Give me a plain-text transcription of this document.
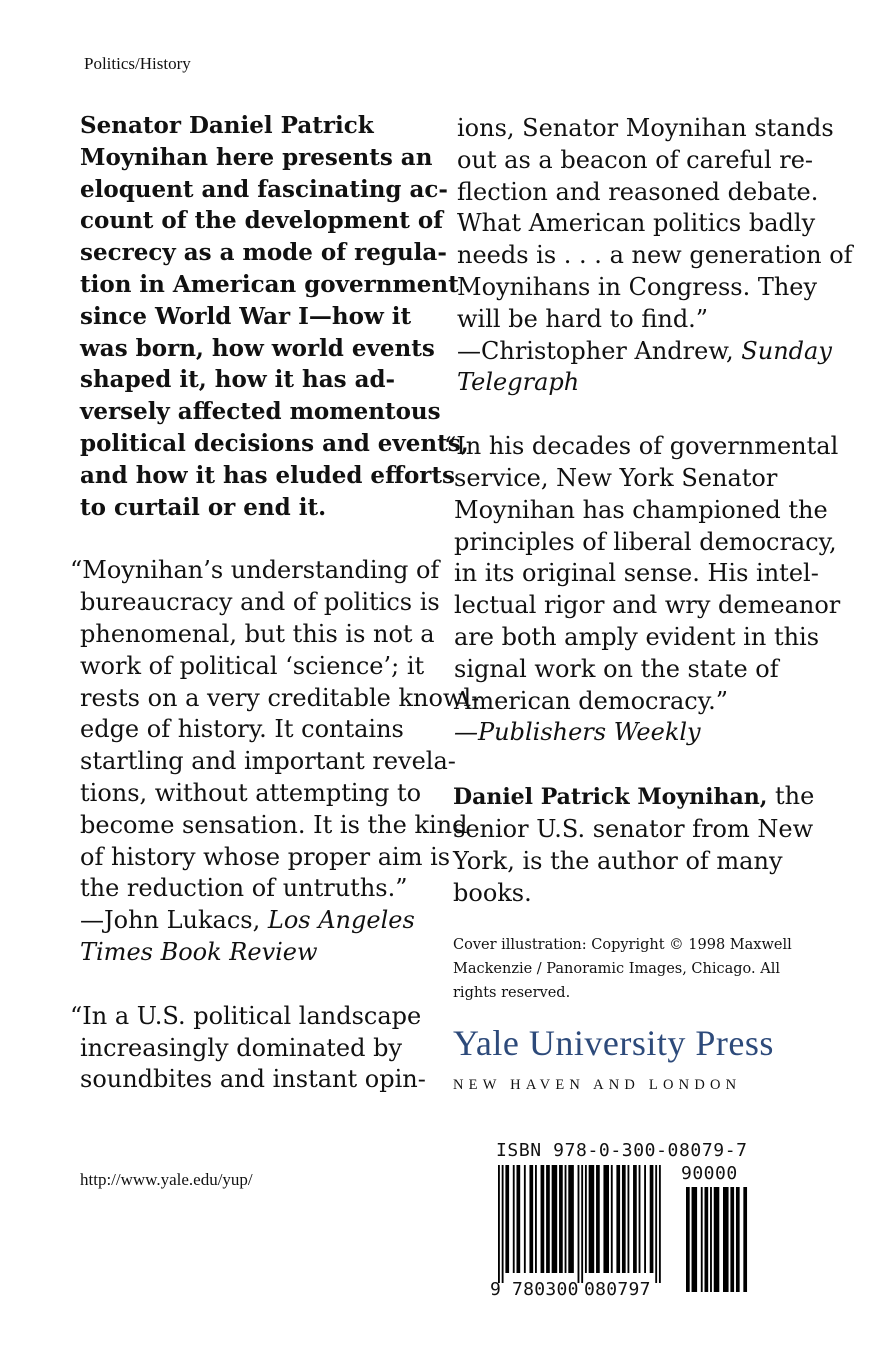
Politics/History
Senator Daniel Patrick
Moynihan here presents an
eloquent and fascinating ac-
count of the development of
secrecy as a mode of regula-
tion in American government
since World War I—how it
was born, how world events
shaped it, how it has ad-
versely affected momentous
political decisions and events,
and how it has eluded efforts
to curtail or end it.
“Moynihan’s understanding of
bureaucracy and of politics is
phenomenal, but this is not a
work of political ‘science’; it
rests on a very creditable knowl-
edge of history. It contains
startling and important revela-
tions, without attempting to
become sensation. It is the kind
of history whose proper aim is
the reduction of untruths.”
—John Lukacs, Los Angeles
Times Book Review
“In a U.S. political landscape
increasingly dominated by
soundbites and instant opin-
ions, Senator Moynihan stands
out as a beacon of careful re-
flection and reasoned debate.
What American politics badly
needs is . . . a new generation of
Moynihans in Congress. They
will be hard to find.”
—Christopher Andrew, Sunday
Telegraph
“In his decades of governmental
service, New York Senator
Moynihan has championed the
principles of liberal democracy,
in its original sense. His intel-
lectual rigor and wry demeanor
are both amply evident in this
signal work on the state of
American democracy.”
—Publishers Weekly
Daniel Patrick Moynihan, the
senior U.S. senator from New
York, is the author of many
books.
Cover illustration: Copyright © 1998 Maxwell
Mackenzie / Panoramic Images, Chicago. All
rights reserved.
Yale University Press
NEW HAVEN AND LONDON
http://www.yale.edu/yup/
ISBN 978-0-300-08079-7
90000
9 780300 080797
